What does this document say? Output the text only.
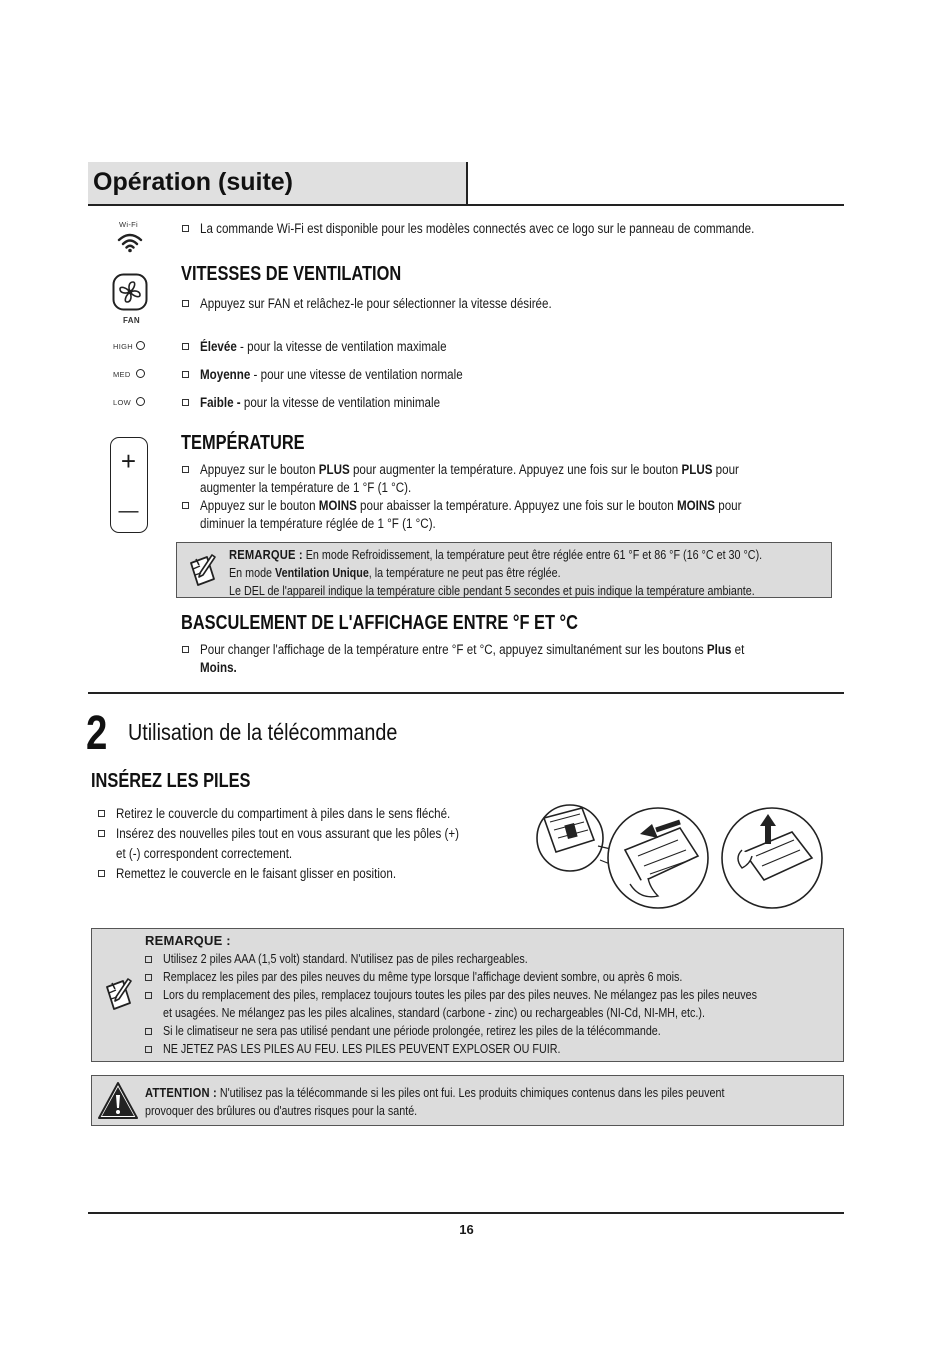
Opération (suite)
Wi-Fi	La commande Wi-Fi est disponible pour les modèles connectés avec ce logo sur le panneau de commande.
VITESSES DE VENTILATION
FAN
Appuyez sur FAN et relâchez-le pour sélectionner la vitesse désirée.
HIGH	Élevée - pour la vitesse de ventilation maximale
MED	Moyenne - pour une vitesse de ventilation normale
LOW	Faible - pour la vitesse de ventilation minimale
TEMPÉRATURE
+
—
Appuyez sur le bouton PLUS pour augmenter la température. Appuyez une fois sur le bouton PLUS pour
augmenter la température de 1 °F (1 °C).
Appuyez sur le bouton MOINS pour abaisser la température. Appuyez une fois sur le bouton MOINS pour
diminuer la température réglée de 1 °F (1 °C).
REMARQUE : En mode Refroidissement, la température peut être réglée entre 61 °F et 86 °F (16 °C et 30 °C).
En mode Ventilation Unique, la température ne peut pas être réglée.
Le DEL de l'appareil indique la température cible pendant 5 secondes et puis indique la température ambiante.
BASCULEMENT DE L'AFFICHAGE ENTRE °F ET °C
Pour changer l'affichage de la température entre °F et °C, appuyez simultanément sur les boutons Plus et
Moins.
2 Utilisation de la télécommande
INSÉREZ LES PILES
Retirez le couvercle du compartiment à piles dans le sens fléché.
Insérez des nouvelles piles tout en vous assurant que les pôles (+)
et (-) correspondent correctement.
Remettez le couvercle en le faisant glisser en position.
REMARQUE :
Utilisez 2 piles AAA (1,5 volt) standard. N'utilisez pas de piles rechargeables.
Remplacez les piles par des piles neuves du même type lorsque l'affichage devient sombre, ou après 6 mois.
Lors du remplacement des piles, remplacez toujours toutes les piles par des piles neuves. Ne mélangez pas les piles neuves
et usagées. Ne mélangez pas les piles alcalines, standard (carbone - zinc) ou rechargeables (NI-Cd, NI-MH, etc.).
Si le climatiseur ne sera pas utilisé pendant une période prolongée, retirez les piles de la télécommande.
NE JETEZ PAS LES PILES AU FEU. LES PILES PEUVENT EXPLOSER OU FUIR.
ATTENTION : N'utilisez pas la télécommande si les piles ont fui. Les produits chimiques contenus dans les piles peuvent
provoquer des brûlures ou d'autres risques pour la santé.
16
